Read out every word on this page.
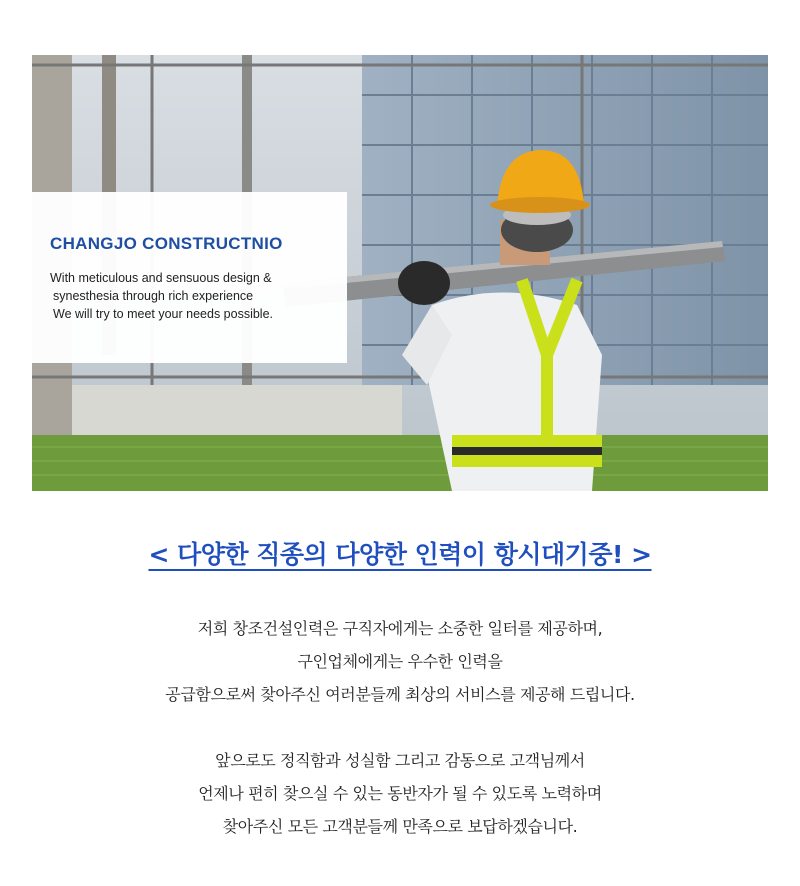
CHANGJO CONSTRUCTNIO
With meticulous and sensuous design &
synesthesia through rich experience
We will try to meet your needs possible.
< 다양한 직종의 다양한 인력이 항시대기중! >

저희 창조건설인력은 구직자에게는 소중한 일터를 제공하며,

구인업체에게는 우수한 인력을

공급함으로써 찾아주신 여러분들께 최상의 서비스를 제공해 드립니다.

앞으로도 정직함과 성실함 그리고 감동으로 고객님께서

언제나 편히 찾으실 수 있는 동반자가 될 수 있도록 노력하며

찾아주신 모든 고객분들께 만족으로 보답하겠습니다.
